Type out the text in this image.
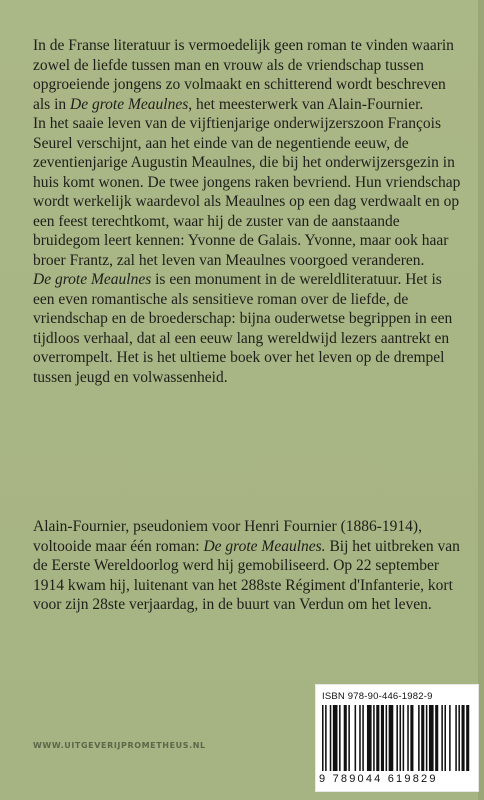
In de Franse literatuur is vermoedelijk geen roman te vinden waarin zowel de liefde tussen man en vrouw als de vriendschap tussen opgroeiende jongens zo volmaakt en schitterend wordt beschreven als in De grote Meaulnes, het meesterwerk van Alain-Fournier.

In het saaie leven van de vijftienjarige onderwijzerszoon François Seurel verschijnt, aan het einde van de negentiende eeuw, de zeventienjarige Augustin Meaulnes, die bij het onderwijzersgezin in huis komt wonen. De twee jongens raken bevriend. Hun vriendschap wordt werkelijk waardevol als Meaulnes op een dag verdwaalt en op een feest terechtkomt, waar hij de zuster van de aanstaande bruidegom leert kennen: Yvonne de Galais. Yvonne, maar ook haar broer Frantz, zal het leven van Meaulnes voorgoed veranderen.

De grote Meaulnes is een monument in de wereldliteratuur. Het is een even romantische als sensitieve roman over de liefde, de vriendschap en de broederschap: bijna ouderwetse begrippen in een tijdloos verhaal, dat al een eeuw lang wereldwijd lezers aantrekt en overrompelt. Het is het ultieme boek over het leven op de drempel tussen jeugd en volwassenheid.

Alain-Fournier, pseudoniem voor Henri Fournier (1886-1914), voltooide maar één roman: De grote Meaulnes. Bij het uitbreken van de Eerste Wereldoorlog werd hij gemobiliseerd. Op 22 september 1914 kwam hij, luitenant van het 288ste Régiment d'Infanterie, kort voor zijn 28ste verjaardag, in de buurt van Verdun om het leven.

WWW.UITGEVERIJPROMETHEUS.NL
ISBN 978-90-446-1982-9
9 789044 619829
